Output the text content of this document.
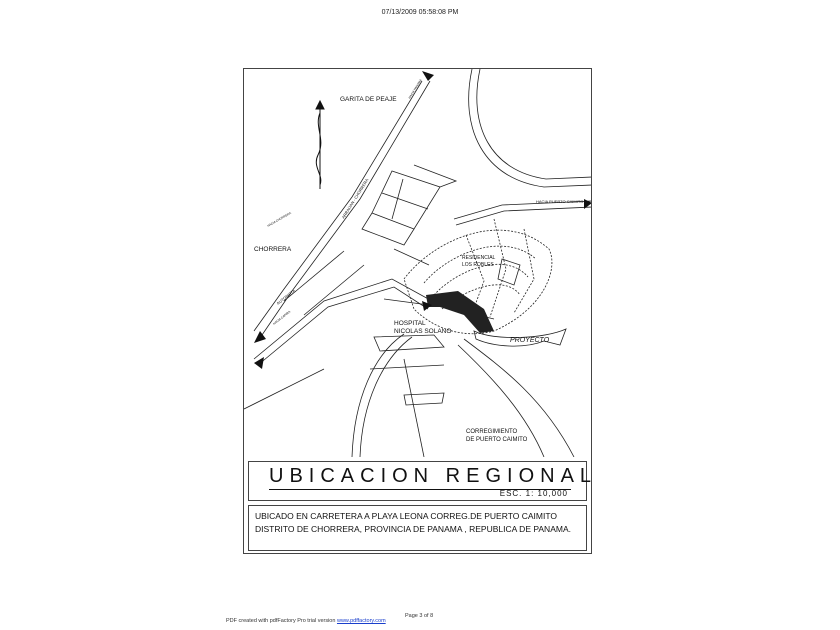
07/13/2009 05:58:08 PM
GARITA DE PEAJE
CHORRERA
HOSPITAL
NICOLAS SOLANO
PROYECTO
CORREGIMIENTO
DE PUERTO CAIMITO
HACIA PUERTO CAIMITO
ARRAIJAN - CHORRERA
AUTOPISTA
HACIA CHORRERA
HACIA PANAMA
HACIA CAPIRA
RESIDENCIAL
LOS ROBLES
UBICACION REGIONAL
ESC. 1: 10,000
UBICADO EN CARRETERA A PLAYA LEONA CORREG.DE PUERTO CAIMITO DISTRITO DE CHORRERA, PROVINCIA DE PANAMA , REPUBLICA DE PANAMA.
Page 3 of 8
PDF created with pdfFactory Pro trial version www.pdffactory.com
